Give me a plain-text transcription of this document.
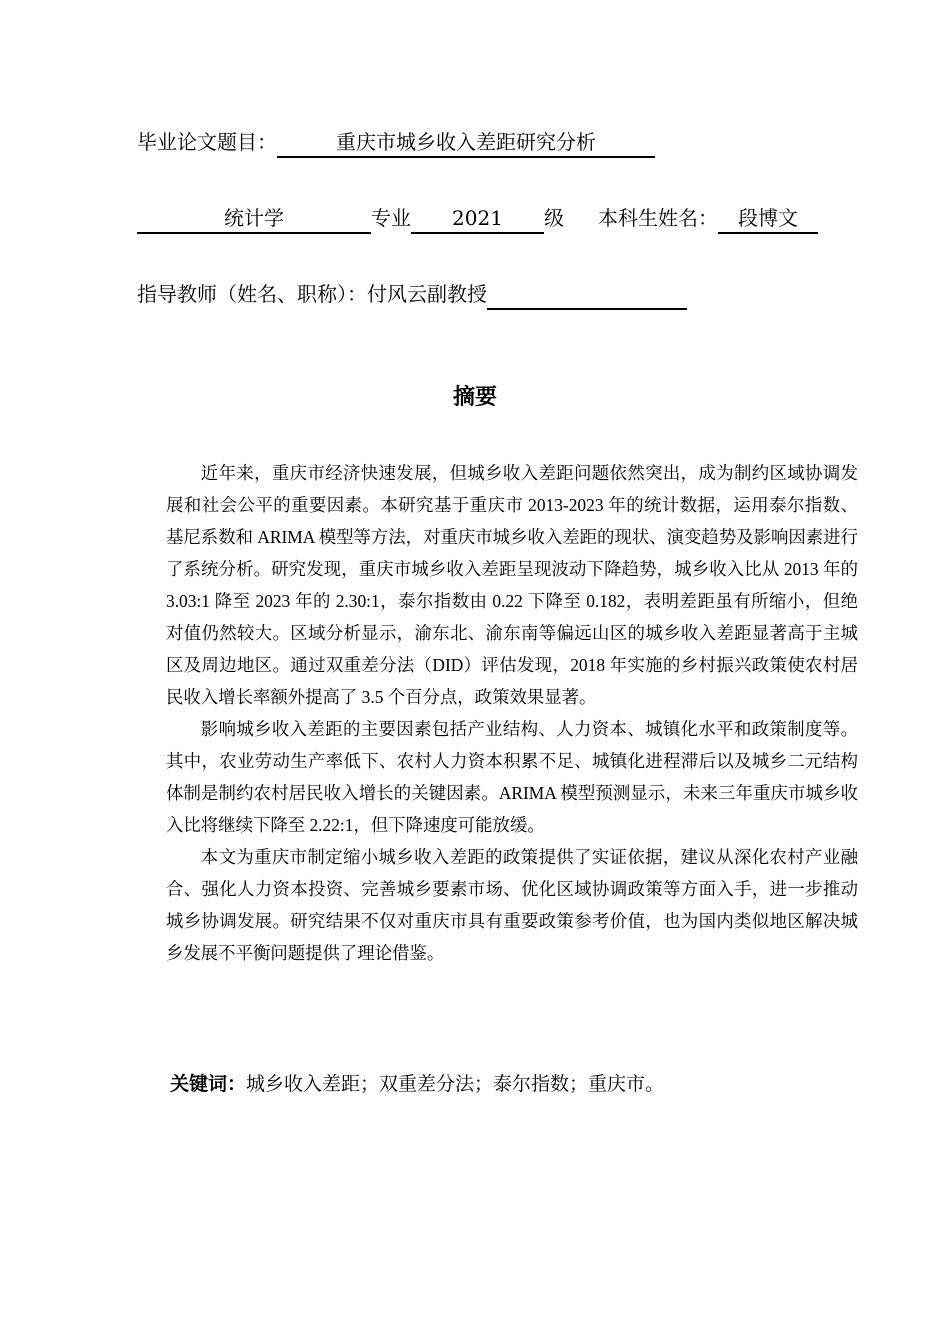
毕业论文题目：	重庆市城乡收入差距研究分析
统计学	专业 2021 级 本科生姓名： 段博文
指导教师（姓名、职称）：付风云副教授
摘要

近年来，重庆市经济快速发展，但城乡收入差距问题依然突出，成为制约区域协调发展和社会公平的重要因素。本研究基于重庆市 2013-2023 年的统计数据，运用泰尔指数、基尼系数和 ARIMA 模型等方法，对重庆市城乡收入差距的现状、演变趋势及影响因素进行了系统分析。研究发现，重庆市城乡收入差距呈现波动下降趋势，城乡收入比从 2013 年的 3.03:1 降至 2023 年的 2.30:1，泰尔指数由 0.22 下降至 0.182，表明差距虽有所缩小，但绝对值仍然较大。区域分析显示，渝东北、渝东南等偏远山区的城乡收入差距显著高于主城区及周边地区。通过双重差分法（DID）评估发现，2018 年实施的乡村振兴政策使农村居民收入增长率额外提高了 3.5 个百分点，政策效果显著。

影响城乡收入差距的主要因素包括产业结构、人力资本、城镇化水平和政策制度等。其中，农业劳动生产率低下、农村人力资本积累不足、城镇化进程滞后以及城乡二元结构体制是制约农村居民收入增长的关键因素。ARIMA 模型预测显示，未来三年重庆市城乡收入比将继续下降至 2.22:1，但下降速度可能放缓。

本文为重庆市制定缩小城乡收入差距的政策提供了实证依据，建议从深化农村产业融合、强化人力资本投资、完善城乡要素市场、优化区域协调政策等方面入手，进一步推动城乡协调发展。研究结果不仅对重庆市具有重要政策参考价值，也为国内类似地区解决城乡发展不平衡问题提供了理论借鉴。

关键词：城乡收入差距；双重差分法；泰尔指数；重庆市。
